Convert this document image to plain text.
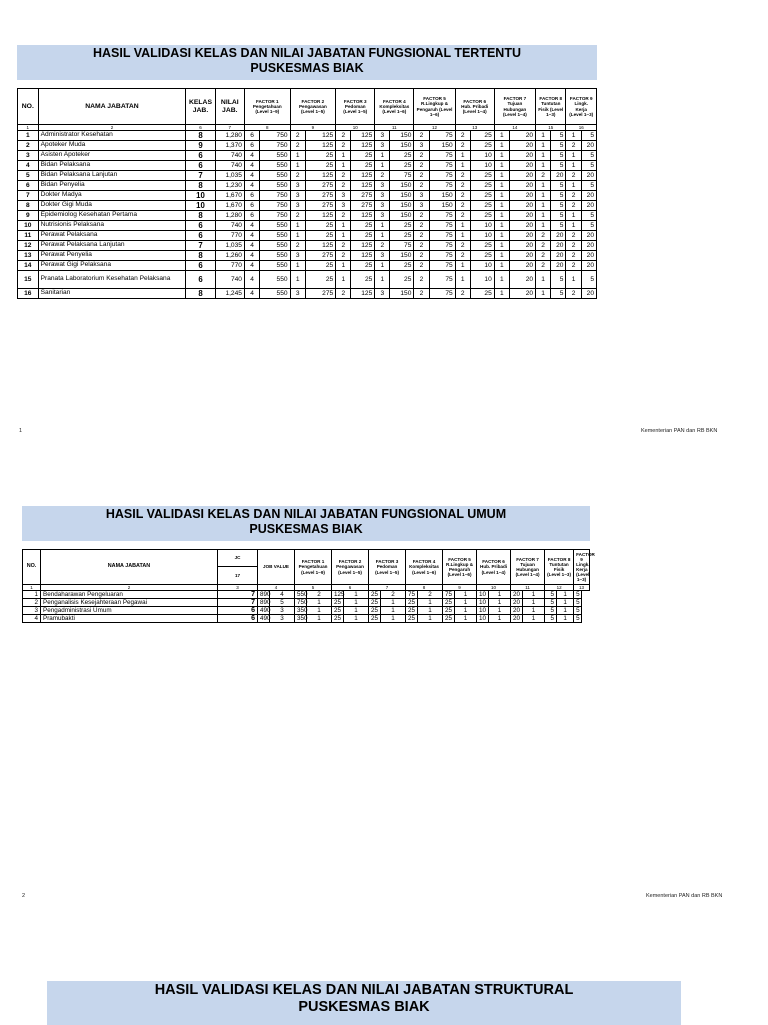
HASIL VALIDASI KELAS DAN NILAI JABATAN FUNGSIONAL TERTENTU
PUSKESMAS BIAK
NO.	NAMA JABATAN	KELAS JAB.	NILAI JAB.	FACTOR 1 Pengetahuan (Level 1~9)		FACTOR 2 Pengawasan (Level 1~5)		FACTOR 3 Pedoman (Level 1~5)		FACTOR 4 Kompleksitas (Level 1~6)		FACTOR 5 R.Lingkup & Pengaruh (Level 1~6)		FACTOR 6 Hub. Pribadi (Level 1~4)		FACTOR 7 Tujuan Hubungan (Level 1~4)		FACTOR 8 Tuntutan Fisik (Level 1~3)		FACTOR 9 Lingk. Kerja (Level 1~3)	
1	2	6	7	8		9		10		11		12		13		14		15		16	
1	Administrator Kesehatan	8	1,280	6	750	2	125	2	125	3	150	2	75	2	25	1	20	1	5	1	5
2	Apoteker Muda	9	1,370	6	750	2	125	2	125	3	150	3	150	2	25	1	20	1	5	2	20
3	Asisten Apoteker	6	740	4	550	1	25	1	25	1	25	2	75	1	10	1	20	1	5	1	5
4	Bidan Pelaksana	6	740	4	550	1	25	1	25	1	25	2	75	1	10	1	20	1	5	1	5
5	Bidan Pelaksana Lanjutan	7	1,035	4	550	2	125	2	125	2	75	2	75	2	25	1	20	2	20	2	20
6	Bidan Penyelia	8	1,230	4	550	3	275	2	125	3	150	2	75	2	25	1	20	1	5	1	5
7	Dokter Madya	10	1,670	6	750	3	275	3	275	3	150	3	150	2	25	1	20	1	5	2	20
8	Dokter Gigi Muda	10	1,670	6	750	3	275	3	275	3	150	3	150	2	25	1	20	1	5	2	20
9	Epidemiolog Kesehatan Pertama	8	1,280	6	750	2	125	2	125	3	150	2	75	2	25	1	20	1	5	1	5
10	Nutrisionis Pelaksana	6	740	4	550	1	25	1	25	1	25	2	75	1	10	1	20	1	5	1	5
11	Perawat Pelaksana	6	770	4	550	1	25	1	25	1	25	2	75	1	10	1	20	2	20	2	20
12	Perawat Pelaksana Lanjutan	7	1,035	4	550	2	125	2	125	2	75	2	75	2	25	1	20	2	20	2	20
13	Perawat Penyelia	8	1,260	4	550	3	275	2	125	3	150	2	75	2	25	1	20	2	20	2	20
14	Perawat Gigi Pelaksana	6	770	4	550	1	25	1	25	1	25	2	75	1	10	1	20	2	20	2	20
15	Pranata Laboratorium Kesehatan Pelaksana	6	740	4	550	1	25	1	25	1	25	2	75	1	10	1	20	1	5	1	5
16	Sanitarian	8	1,245	4	550	3	275	2	125	3	150	2	75	2	25	1	20	1	5	2	20
1	Kementerian PAN dan RB BKN
HASIL VALIDASI KELAS DAN NILAI JABATAN FUNGSIONAL UMUM
PUSKESMAS BIAK
NO.	NAMA JABATAN	JC	JOB VALUE		FACTOR 1 Pengetahuan (Level 1~9)		FACTOR 2 Pengawasan (Level 1~5)		FACTOR 3 Pedoman (Level 1~5)		FACTOR 4 Kompleksitas (Level 1~6)		FACTOR 5 R.Lingkup & Pengaruh (Level 1~6)		FACTOR 6 Hub. Pribadi (Level 1~4)		FACTOR 7 Tujuan Hubungan (Level 1~4)		FACTOR 8 Tuntutan Fisik (Level 1~3)		FACTOR 9 Lingk. Kerja (Level 1~3)
		17																			
1	2	3	4		5		6		7		8		9		10		11		12		13
1	Bendaharawan Pengeluaran	7	890	4	550	2	125	1	25	2	75	2	75	1	10	1	20	1	5	1	5
2	Penganalisis Kesejahteraan Pegawai	7	890	5	750	1	25	1	25	1	25	1	25	1	10	1	20	1	5	1	5
3	Pengadministrasi Umum	6	490	3	350	1	25	1	25	1	25	1	25	1	10	1	20	1	5	1	5
4	Pramubakti	6	490	3	350	1	25	1	25	1	25	1	25	1	10	1	20	1	5	1	5
2	Kementerian PAN dan RB BKN
HASIL VALIDASI KELAS DAN NILAI JABATAN STRUKTURAL
PUSKESMAS BIAK
